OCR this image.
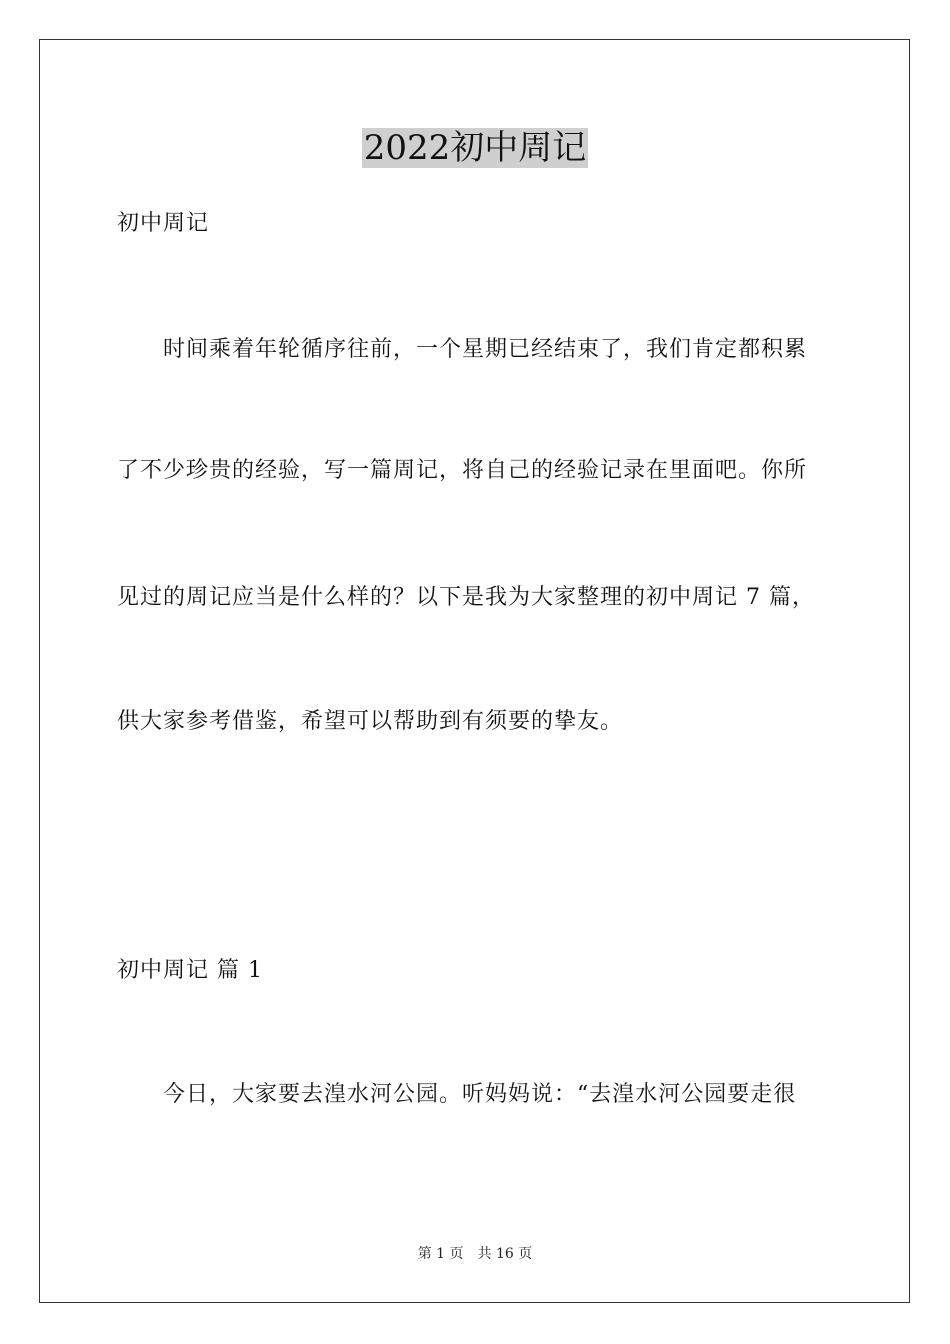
2022初中周记
初中周记
时间乘着年轮循序往前，一个星期已经结束了，我们肯定都积累
了不少珍贵的经验，写一篇周记，将自己的经验记录在里面吧。你所
见过的周记应当是什么样的？以下是我为大家整理的初中周记 7 篇，
供大家参考借鉴，希望可以帮助到有须要的挚友。
初中周记 篇 1
今日，大家要去湟水河公园。听妈妈说：“去湟水河公园要走很
第 1 页　共 16 页
